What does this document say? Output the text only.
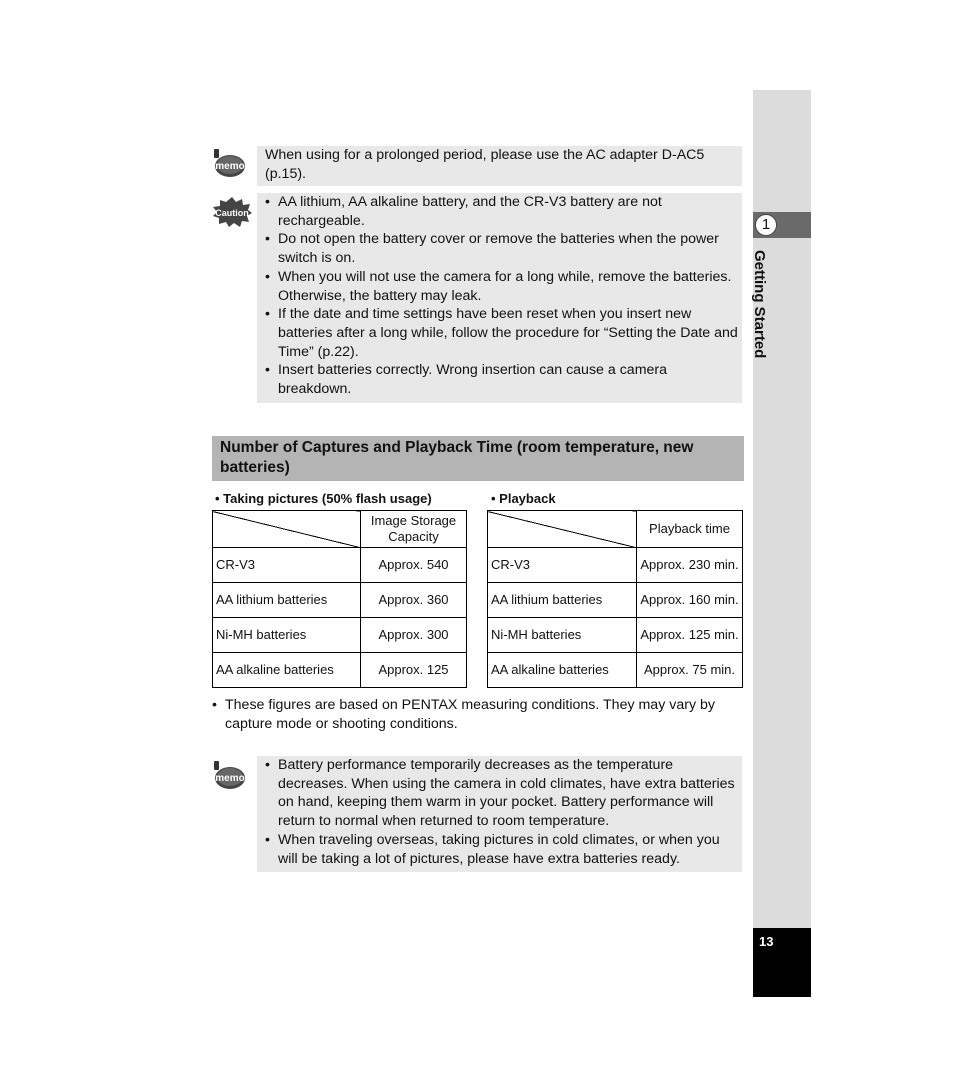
1
Getting Started
13
memo

When using for a prolonged period, please use the AC adapter D-AC5 (p.15).

Caution
• AA lithium, AA alkaline battery, and the CR-V3 battery are not rechargeable.
• Do not open the battery cover or remove the batteries when the power switch is on.
• When you will not use the camera for a long while, remove the batteries. Otherwise, the battery may leak.
• If the date and time settings have been reset when you insert new batteries after a long while, follow the procedure for “Setting the Date and Time” (p.22).
• Insert batteries correctly. Wrong insertion can cause a camera breakdown.
Number of Captures and Playback Time (room temperature, new batteries)
• Taking pictures (50% flash usage)
	Image Storage Capacity
CR-V3	Approx. 540
AA lithium batteries	Approx. 360
Ni-MH batteries	Approx. 300
AA alkaline batteries	Approx. 125
• Playback
	Playback time
CR-V3	Approx. 230 min.
AA lithium batteries	Approx. 160 min.
Ni-MH batteries	Approx. 125 min.
AA alkaline batteries	Approx. 75 min.
• These figures are based on PENTAX measuring conditions. They may vary by capture mode or shooting conditions.
memo
• Battery performance temporarily decreases as the temperature decreases. When using the camera in cold climates, have extra batteries on hand, keeping them warm in your pocket. Battery performance will return to normal when returned to room temperature.
• When traveling overseas, taking pictures in cold climates, or when you will be taking a lot of pictures, please have extra batteries ready.
